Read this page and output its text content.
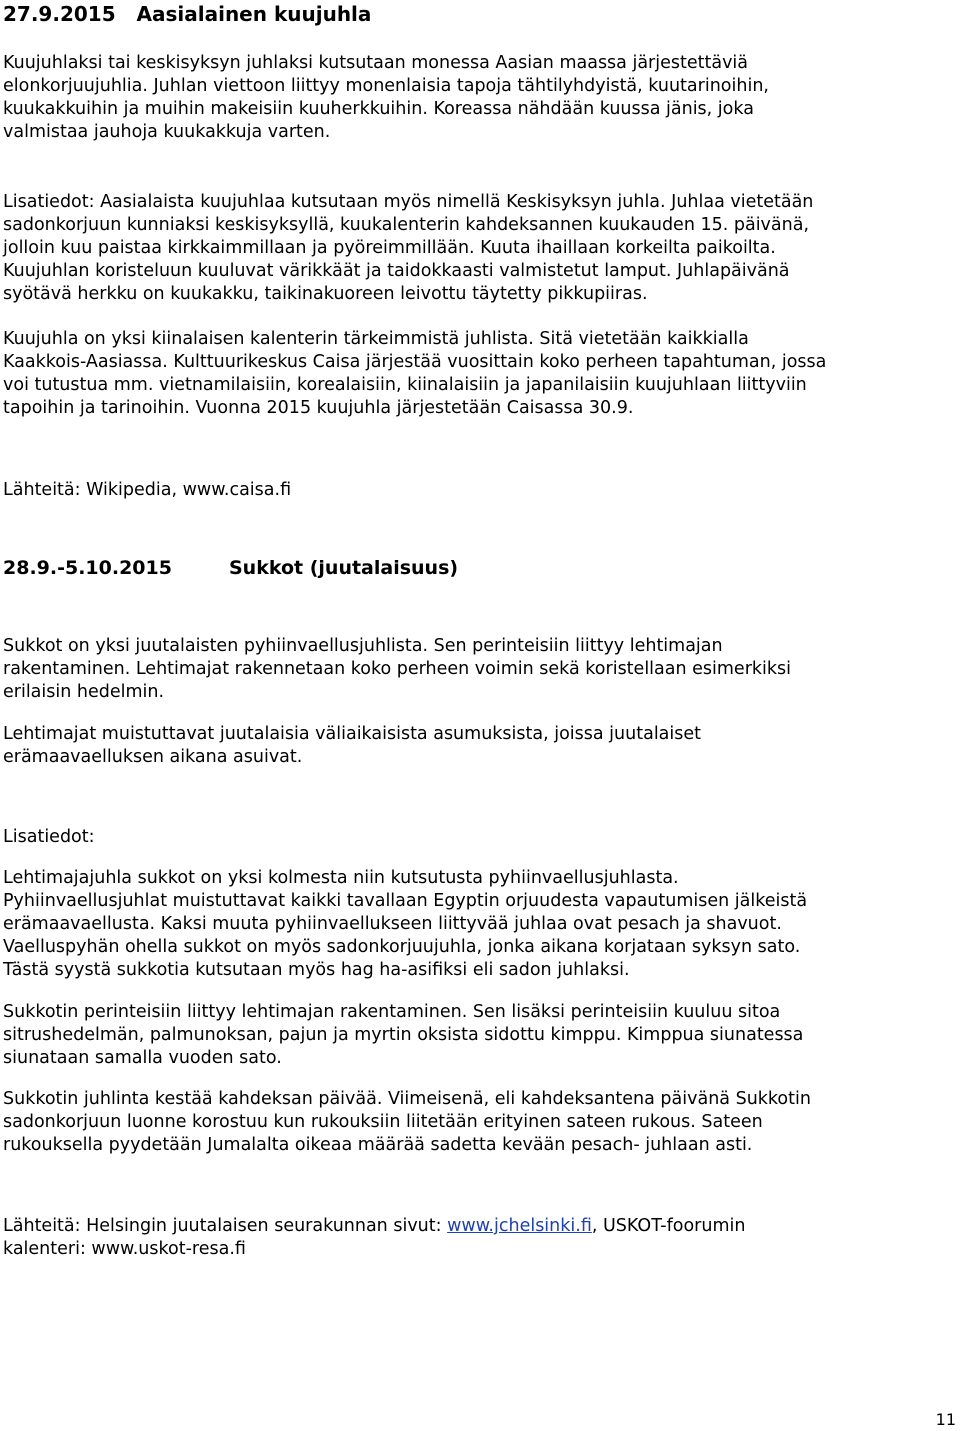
27.9.2015 Aasialainen kuujuhla
Kuujuhlaksi tai keskisyksyn juhlaksi kutsutaan monessa Aasian maassa järjestettäviä
elonkorjuujuhlia. Juhlan viettoon liittyy monenlaisia tapoja tähtilyhdyistä, kuutarinoihin,
kuukakkuihin ja muihin makeisiin kuuherkkuihin. Koreassa nähdään kuussa jänis, joka
valmistaa jauhoja kuukakkuja varten.
Lisatiedot: Aasialaista kuujuhlaa kutsutaan myös nimellä Keskisyksyn juhla. Juhlaa vietetään
sadonkorjuun kunniaksi keskisyksyllä, kuukalenterin kahdeksannen kuukauden 15. päivänä,
jolloin kuu paistaa kirkkaimmillaan ja pyöreimmillään. Kuuta ihaillaan korkeilta paikoilta.
Kuujuhlan koristeluun kuuluvat värikkäät ja taidokkaasti valmistetut lamput. Juhlapäivänä
syötävä herkku on kuukakku, taikinakuoreen leivottu täytetty pikkupiiras.
Kuujuhla on yksi kiinalaisen kalenterin tärkeimmistä juhlista. Sitä vietetään kaikkialla
Kaakkois-Aasiassa. Kulttuurikeskus Caisa järjestää vuosittain koko perheen tapahtuman, jossa
voi tutustua mm. vietnamilaisiin, korealaisiin, kiinalaisiin ja japanilaisiin kuujuhlaan liittyviin
tapoihin ja tarinoihin. Vuonna 2015 kuujuhla järjestetään Caisassa 30.9.
Lähteitä: Wikipedia, www.caisa.fi
28.9.-5.10.2015	Sukkot (juutalaisuus)
Sukkot on yksi juutalaisten pyhiinvaellusjuhlista. Sen perinteisiin liittyy lehtimajan
rakentaminen. Lehtimajat rakennetaan koko perheen voimin sekä koristellaan esimerkiksi
erilaisin hedelmin.
Lehtimajat muistuttavat juutalaisia väliaikaisista asumuksista, joissa juutalaiset
erämaavaelluksen aikana asuivat.
Lisatiedot:
Lehtimajajuhla sukkot on yksi kolmesta niin kutsutusta pyhiinvaellusjuhlasta.
Pyhiinvaellusjuhlat muistuttavat kaikki tavallaan Egyptin orjuudesta vapautumisen jälkeistä
erämaavaellusta. Kaksi muuta pyhiinvaellukseen liittyvää juhlaa ovat pesach ja shavuot.
Vaelluspyhän ohella sukkot on myös sadonkorjuujuhla, jonka aikana korjataan syksyn sato.
Tästä syystä sukkotia kutsutaan myös hag ha-asifiksi eli sadon juhlaksi.
Sukkotin perinteisiin liittyy lehtimajan rakentaminen. Sen lisäksi perinteisiin kuuluu sitoa
sitrushedelmän, palmunoksan, pajun ja myrtin oksista sidottu kimppu. Kimppua siunatessa
siunataan samalla vuoden sato.
Sukkotin juhlinta kestää kahdeksan päivää. Viimeisenä, eli kahdeksantena päivänä Sukkotin
sadonkorjuun luonne korostuu kun rukouksiin liitetään erityinen sateen rukous. Sateen
rukouksella pyydetään Jumalalta oikeaa määrää sadetta kevään pesach- juhlaan asti.
Lähteitä: Helsingin juutalaisen seurakunnan sivut: www.jchelsinki.fi, USKOT-foorumin
kalenteri: www.uskot-resa.fi
11
